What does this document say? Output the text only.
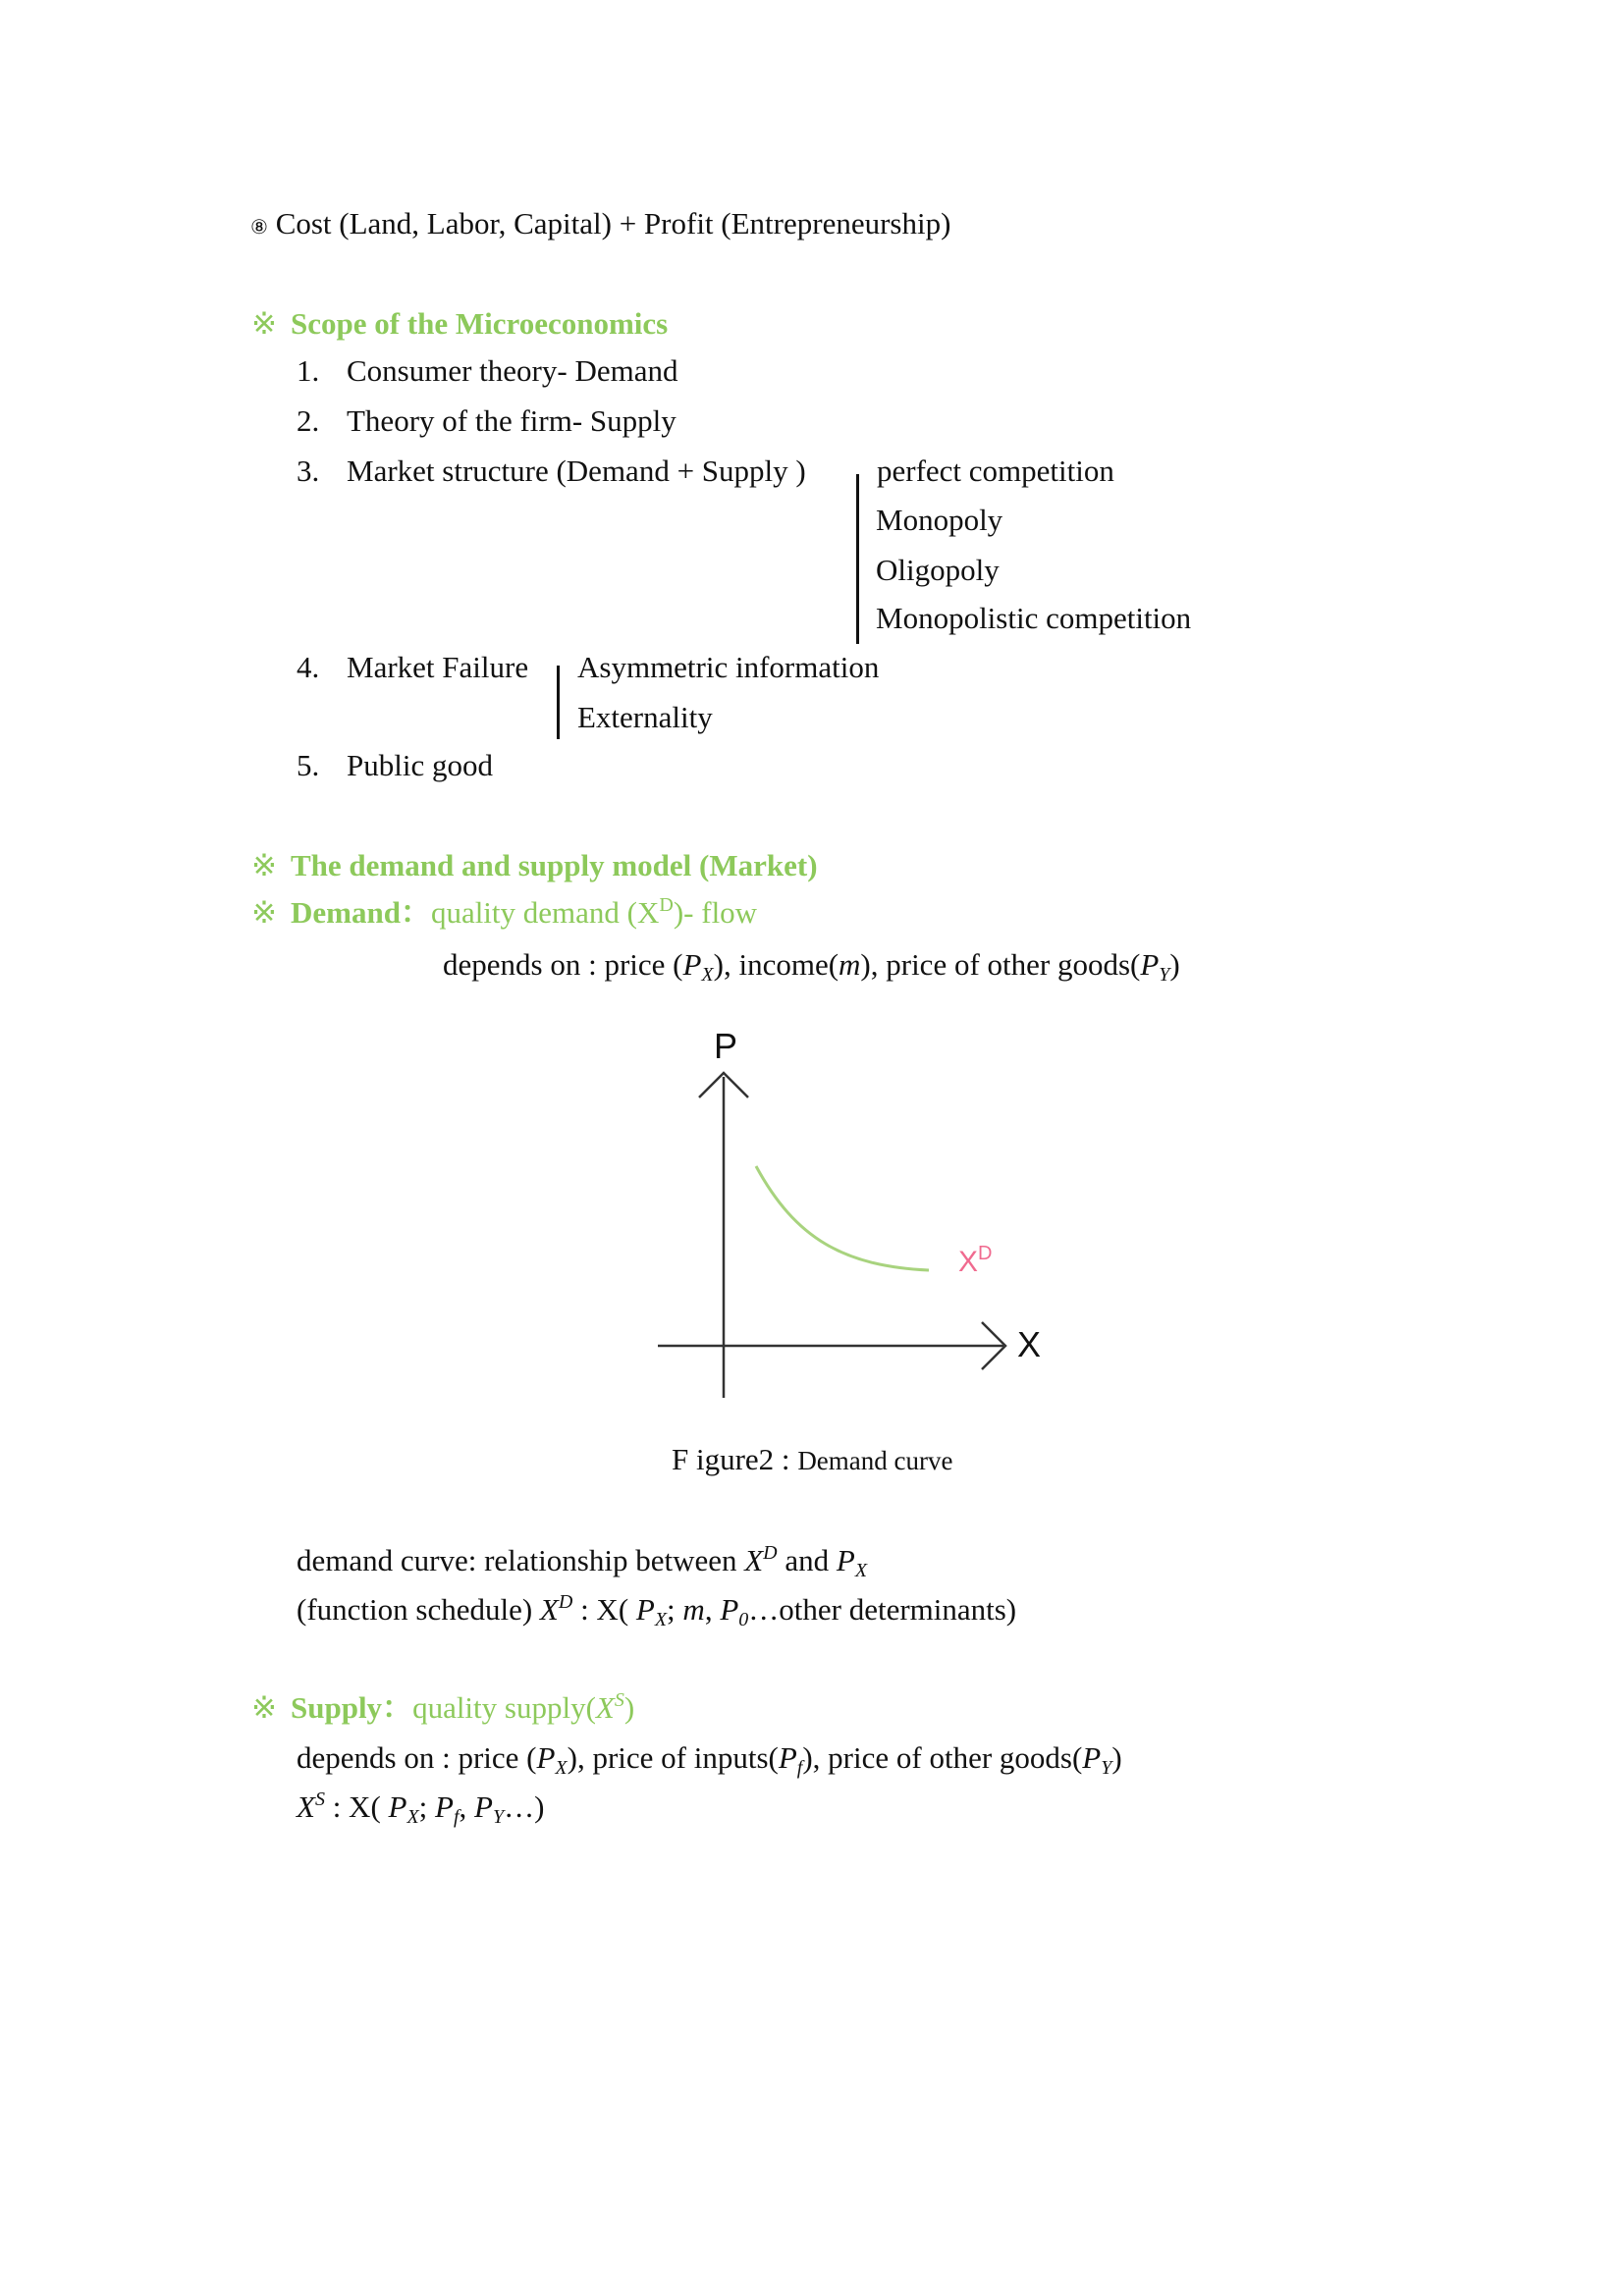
⑧ Cost (Land, Labor, Capital) + Profit (Entrepreneurship)
※ Scope of the Microeconomics
1. Consumer theory- Demand
2. Theory of the firm- Supply
3. Market structure (Demand + Supply ) perfect competition
Monopoly
Oligopoly
Monopolistic competition
4. Market Failure Asymmetric information
Externality
5. Public good
※ The demand and supply model (Market)
※ Demand：quality demand $(X^D)-$ flow
depends on : price $(P_X)$, income(m), price of other $goods(P_Y)$
P
X
$X^D$
F igure2 : Demand curve
demand curve: relationship between $X^D$ and $P_X$
(function schedule) $X^D$ : X( $P_X$; m, $P_0\dots other$ determinants)
※ Supply：quality $supply(X^S)$
depends on : price $(P_X)$, price of $inputs(P_f)$, price of other $goods(P_Y)$
$X^S$ : X( $P_X$; $P_f$, $P_Y\dots$)
